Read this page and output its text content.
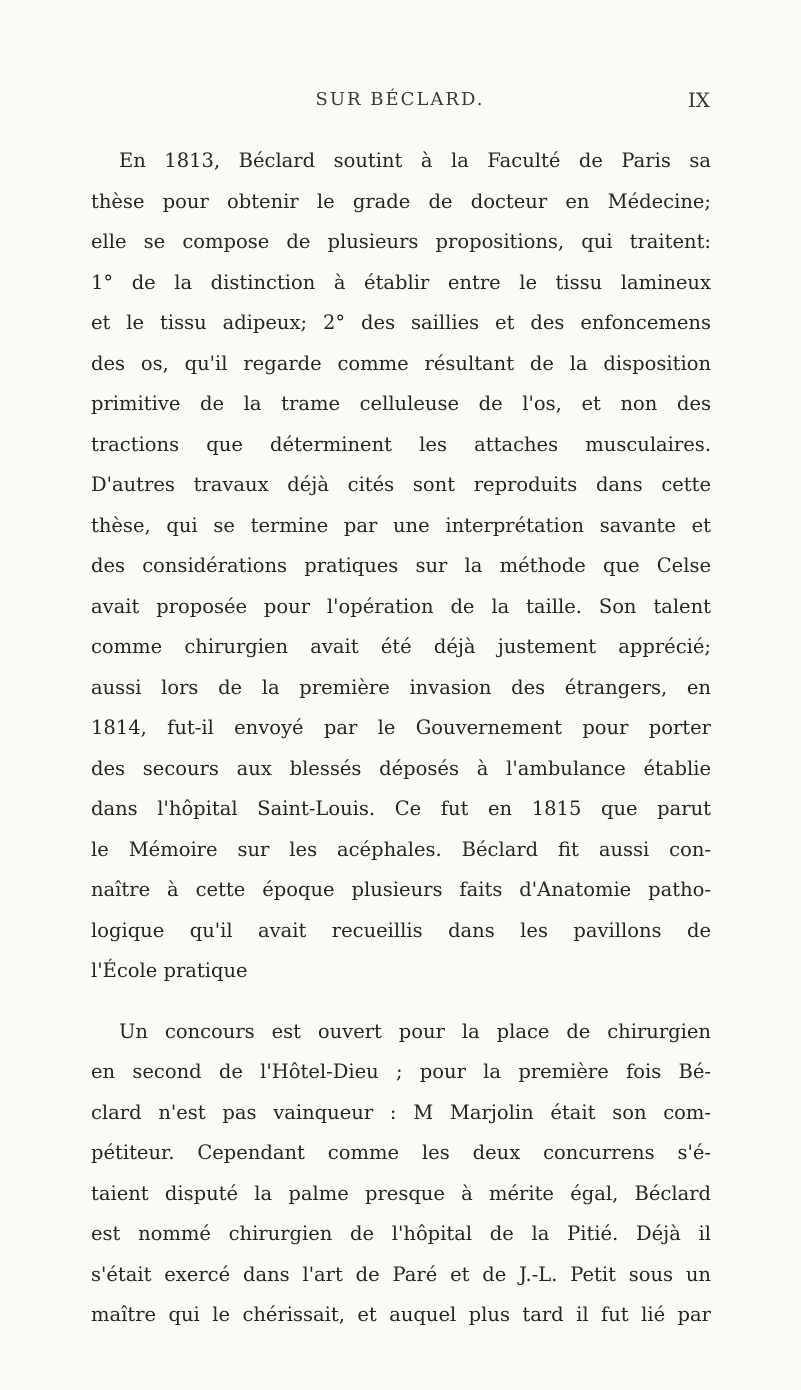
SUR BÉCLARD.	IX
En 1813, Béclard soutint à la Faculté de Paris sa
thèse pour obtenir le grade de docteur en Médecine;
elle se compose de plusieurs propositions, qui traitent:
1° de la distinction à établir entre le tissu lamineux
et le tissu adipeux; 2° des saillies et des enfoncemens
des os, qu'il regarde comme résultant de la disposition
primitive de la trame celluleuse de l'os, et non des
tractions que déterminent les attaches musculaires.
D'autres travaux déjà cités sont reproduits dans cette
thèse, qui se termine par une interprétation savante et
des considérations pratiques sur la méthode que Celse
avait proposée pour l'opération de la taille. Son talent
comme chirurgien avait été déjà justement apprécié;
aussi lors de la première invasion des étrangers, en
1814, fut-il envoyé par le Gouvernement pour porter
des secours aux blessés déposés à l'ambulance établie
dans l'hôpital Saint-Louis. Ce fut en 1815 que parut
le Mémoire sur les acéphales. Béclard fit aussi con-
naître à cette époque plusieurs faits d'Anatomie patho-
logique qu'il avait recueillis dans les pavillons de
l'École pratique
Un concours est ouvert pour la place de chirurgien
en second de l'Hôtel-Dieu ; pour la première fois Bé-
clard n'est pas vainqueur : M Marjolin était son com-
pétiteur. Cependant comme les deux concurrens s'é-
taient disputé la palme presque à mérite égal, Béclard
est nommé chirurgien de l'hôpital de la Pitié. Déjà il
s'était exercé dans l'art de Paré et de J.-L. Petit sous un
maître qui le chérissait, et auquel plus tard il fut lié par
